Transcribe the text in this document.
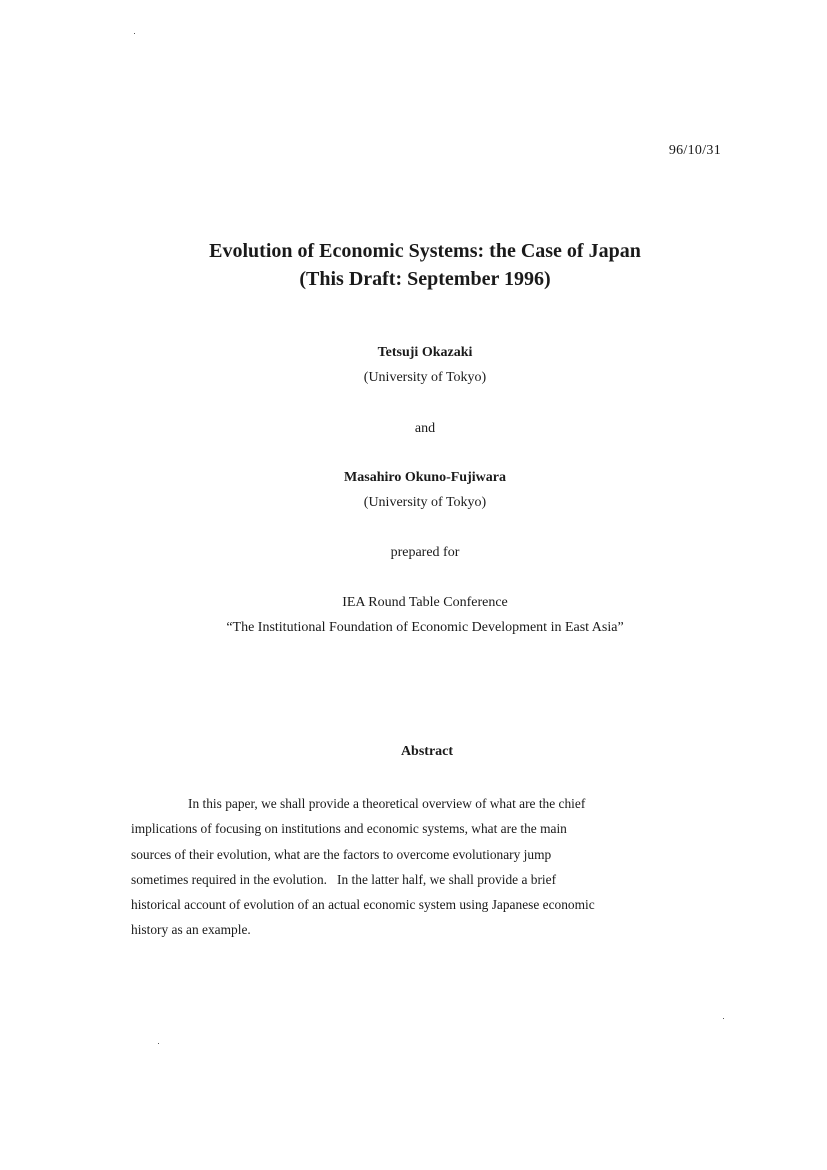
96/10/31
Evolution of Economic Systems: the Case of Japan
(This Draft: September 1996)
Tetsuji Okazaki
(University of Tokyo)
and
Masahiro Okuno-Fujiwara
(University of Tokyo)
prepared for
IEA Round Table Conference
“The Institutional Foundation of Economic Development in East Asia”
Abstract
In this paper, we shall provide a theoretical overview of what are the chief
implications of focusing on institutions and economic systems, what are the main
sources of their evolution, what are the factors to overcome evolutionary jump
sometimes required in the evolution.   In the latter half, we shall provide a brief
historical account of evolution of an actual economic system using Japanese economic
history as an example.
